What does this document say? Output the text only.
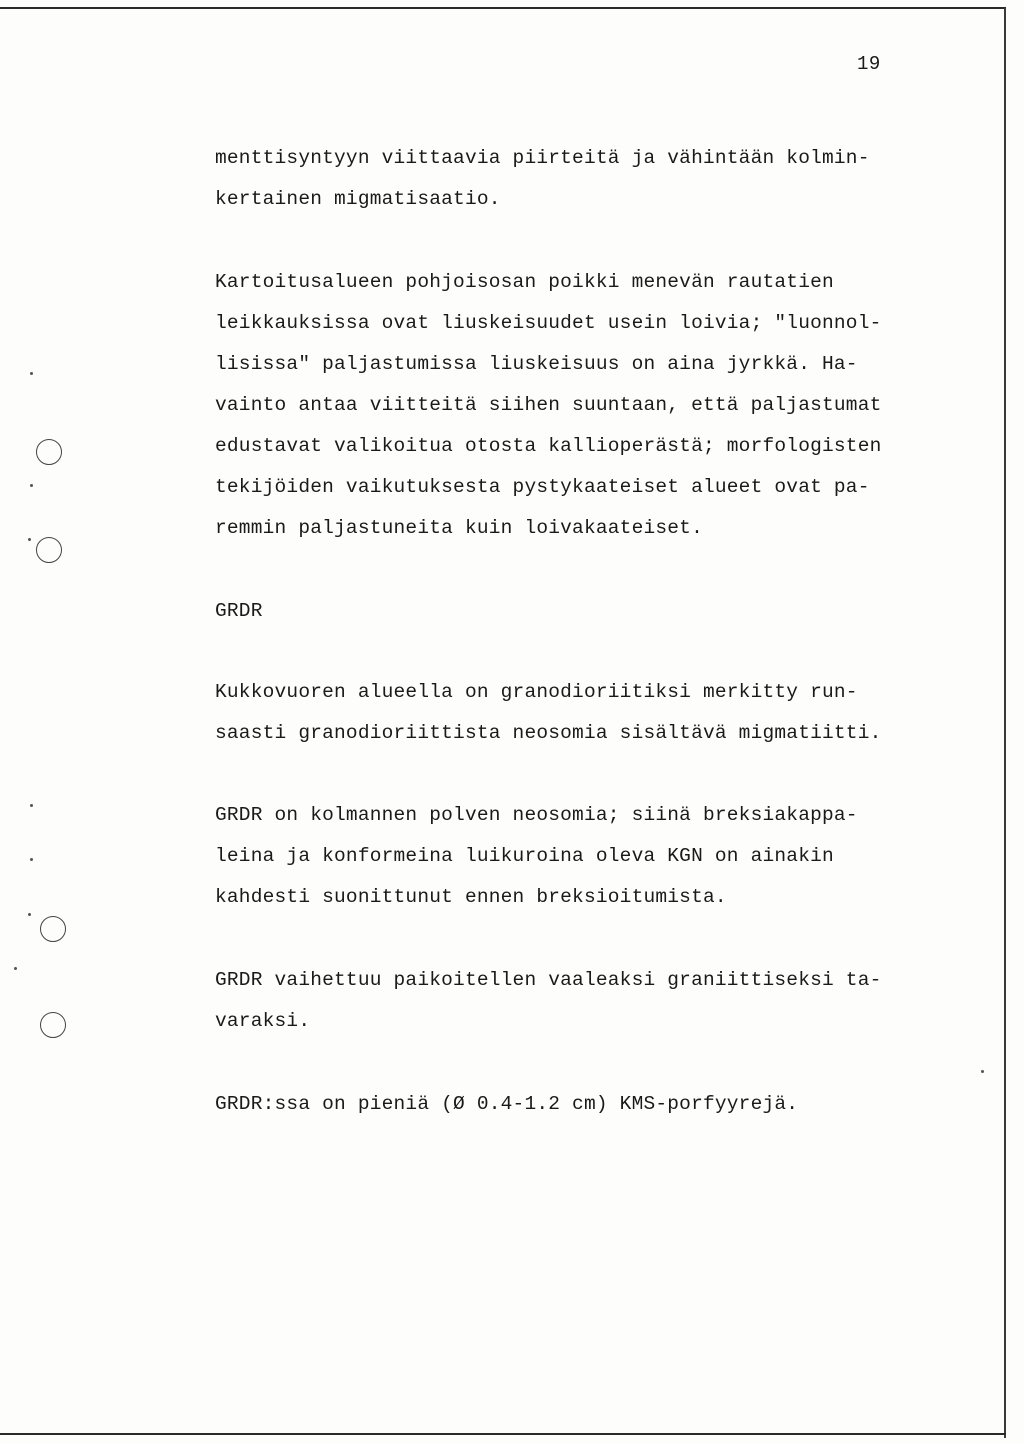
19
menttisyntyyn viittaavia piirteitä ja vähintään kolmin-
kertainen migmatisaatio.
Kartoitusalueen pohjoisosan poikki menevän rautatien
leikkauksissa ovat liuskeisuudet usein loivia; "luonnol-
lisissa" paljastumissa liuskeisuus on aina jyrkkä. Ha-
vainto antaa viitteitä siihen suuntaan, että paljastumat
edustavat valikoitua otosta kallioperästä; morfologisten
tekijöiden vaikutuksesta pystykaateiset alueet ovat pa-
remmin paljastuneita kuin loivakaateiset.
GRDR
Kukkovuoren alueella on granodioriitiksi merkitty run-
saasti granodioriittista neosomia sisältävä migmatiitti.
GRDR on kolmannen polven neosomia; siinä breksiakappa-
leina ja konformeina luikuroina oleva KGN on ainakin
kahdesti suonittunut ennen breksioitumista.
GRDR vaihettuu paikoitellen vaaleaksi graniittiseksi ta-
varaksi.
GRDR:ssa on pieniä (Ø 0.4-1.2 cm) KMS-porfyyrejä.
